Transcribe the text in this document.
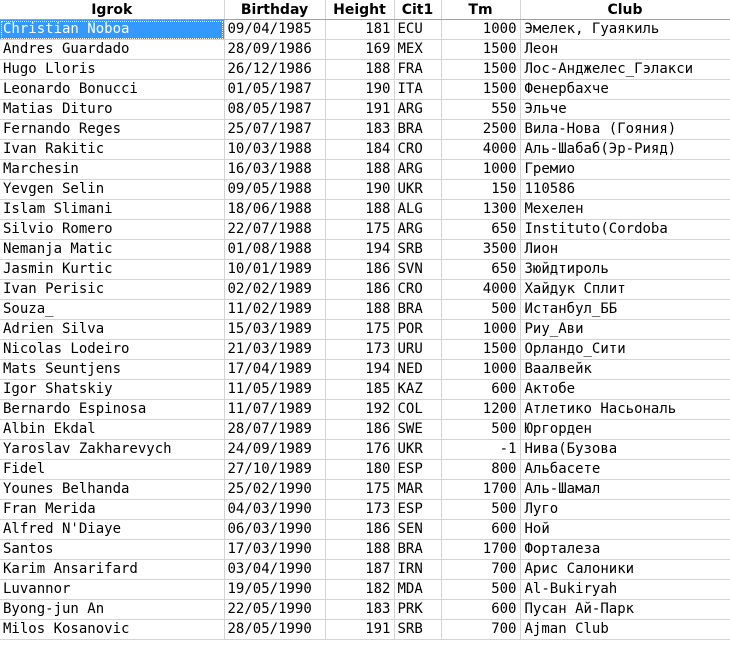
Igrok	Birthday	Height	Cit1	Tm	Club
Christian Noboa	09/04/1985	181	ECU	1000	Эмелек, Гуаякиль
Andres Guardado	28/09/1986	169	MEX	1500	Леон
Hugo Lloris	26/12/1986	188	FRA	1500	Лос-Анджелес_Гэлакси
Leonardo Bonucci	01/05/1987	190	ITA	1500	Фенербахче
Matias Dituro	08/05/1987	191	ARG	550	Эльче
Fernando Reges	25/07/1987	183	BRA	2500	Вила-Нова (Гояния)
Ivan Rakitic	10/03/1988	184	CRO	4000	Аль-Шабаб(Эр-Рияд)
Marchesin	16/03/1988	188	ARG	1000	Гремио
Yevgen Selin	09/05/1988	190	UKR	150	110586
Islam Slimani	18/06/1988	188	ALG	1300	Мехелен
Silvio Romero	22/07/1988	175	ARG	650	Instituto(Cordoba
Nemanja Matic	01/08/1988	194	SRB	3500	Лион
Jasmin Kurtic	10/01/1989	186	SVN	650	Зюйдтироль
Ivan Perisic	02/02/1989	186	CRO	4000	Хайдук Сплит
Souza_	11/02/1989	188	BRA	500	Истанбул_ББ
Adrien Silva	15/03/1989	175	POR	1000	Риу_Ави
Nicolas Lodeiro	21/03/1989	173	URU	1500	Орландо_Сити
Mats Seuntjens	17/04/1989	194	NED	1000	Ваалвейк
Igor Shatskiy	11/05/1989	185	KAZ	600	Актобе
Bernardo Espinosa	11/07/1989	192	COL	1200	Атлетико Насьональ
Albin Ekdal	28/07/1989	186	SWE	500	Юргорден
Yaroslav Zakharevych	24/09/1989	176	UKR	-1	Нива(Бузова
Fidel	27/10/1989	180	ESP	800	Альбасете
Younes Belhanda	25/02/1990	175	MAR	1700	Аль-Шамал
Fran Merida	04/03/1990	173	ESP	500	Луго
Alfred N'Diaye	06/03/1990	186	SEN	600	Ной
Santos	17/03/1990	188	BRA	1700	Форталеза
Karim Ansarifard	03/04/1990	187	IRN	700	Арис Салоники
Luvannor	19/05/1990	182	MDA	500	Al-Bukiryah
Byong-jun An	22/05/1990	183	PRK	600	Пусан Ай-Парк
Milos Kosanovic	28/05/1990	191	SRB	700	Ajman Club
